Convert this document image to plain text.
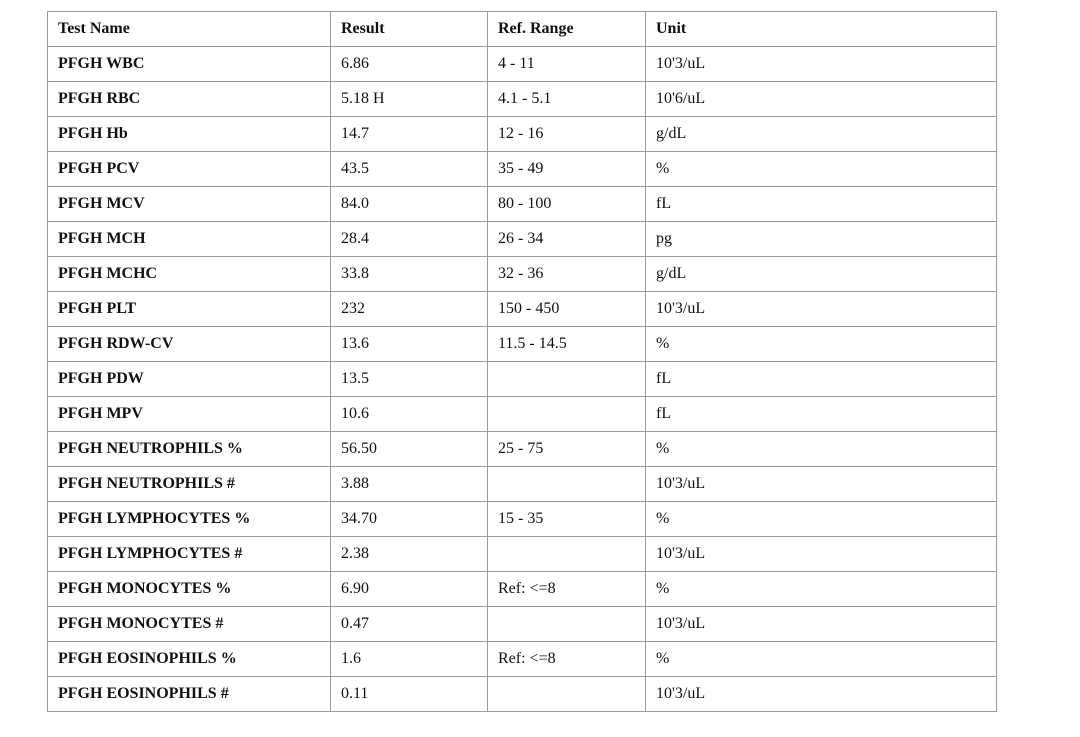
Test Name	Result	Ref. Range	Unit
PFGH WBC	6.86	4 - 11	10'3/uL
PFGH RBC	5.18 H	4.1 - 5.1	10'6/uL
PFGH Hb	14.7	12 - 16	g/dL
PFGH PCV	43.5	35 - 49	%
PFGH MCV	84.0	80 - 100	fL
PFGH MCH	28.4	26 - 34	pg
PFGH MCHC	33.8	32 - 36	g/dL
PFGH PLT	232	150 - 450	10'3/uL
PFGH RDW-CV	13.6	11.5 - 14.5	%
PFGH PDW	13.5		fL
PFGH MPV	10.6		fL
PFGH NEUTROPHILS %	56.50	25 - 75	%
PFGH NEUTROPHILS #	3.88		10'3/uL
PFGH LYMPHOCYTES %	34.70	15 - 35	%
PFGH LYMPHOCYTES #	2.38		10'3/uL
PFGH MONOCYTES %	6.90	Ref: <=8	%
PFGH MONOCYTES #	0.47		10'3/uL
PFGH EOSINOPHILS %	1.6	Ref: <=8	%
PFGH EOSINOPHILS #	0.11		10'3/uL
